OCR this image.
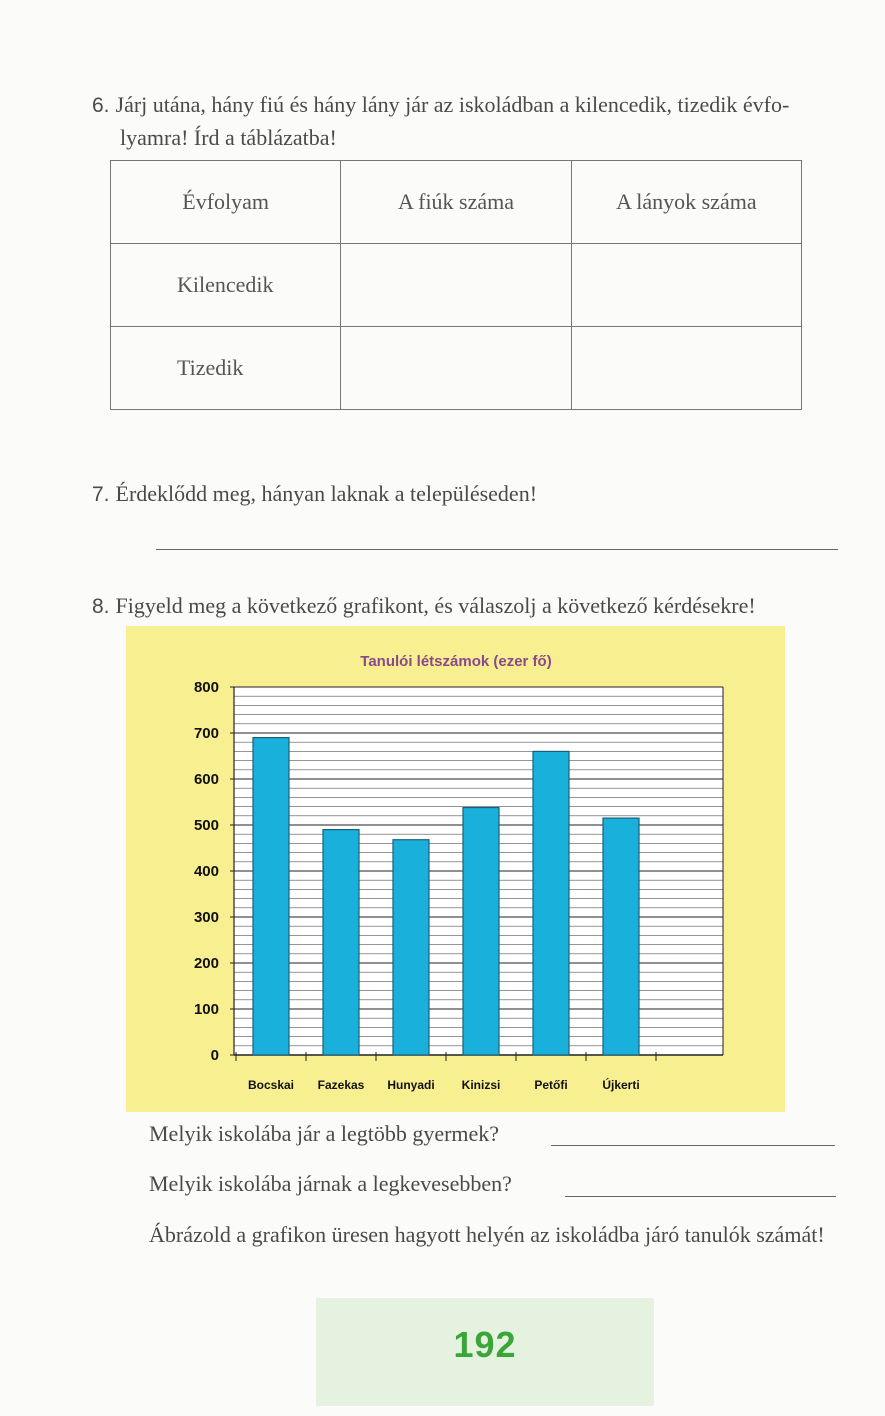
6. Járj utána, hány fiú és hány lány jár az iskoládban a kilencedik, tizedik évfo-
lyamra! Írd a táblázatba!
Évfolyam	A fiúk száma	A lányok száma
Kilencedik		
Tizedik		
7. Érdeklődd meg, hányan laknak a településeden!
8. Figyeld meg a következő grafikont, és válaszolj a következő kérdésekre!
Tanulói létszámok (ezer fő)
0
100
200
300
400
500
600
700
800
Bocskai Fazekas Hunyadi Kinizsi	Petőfi	Újkerti
Melyik iskolába jár a legtöbb gyermek?
Melyik iskolába járnak a legkevesebben?
Ábrázold a grafikon üresen hagyott helyén az iskoládba járó tanulók számát!
192
